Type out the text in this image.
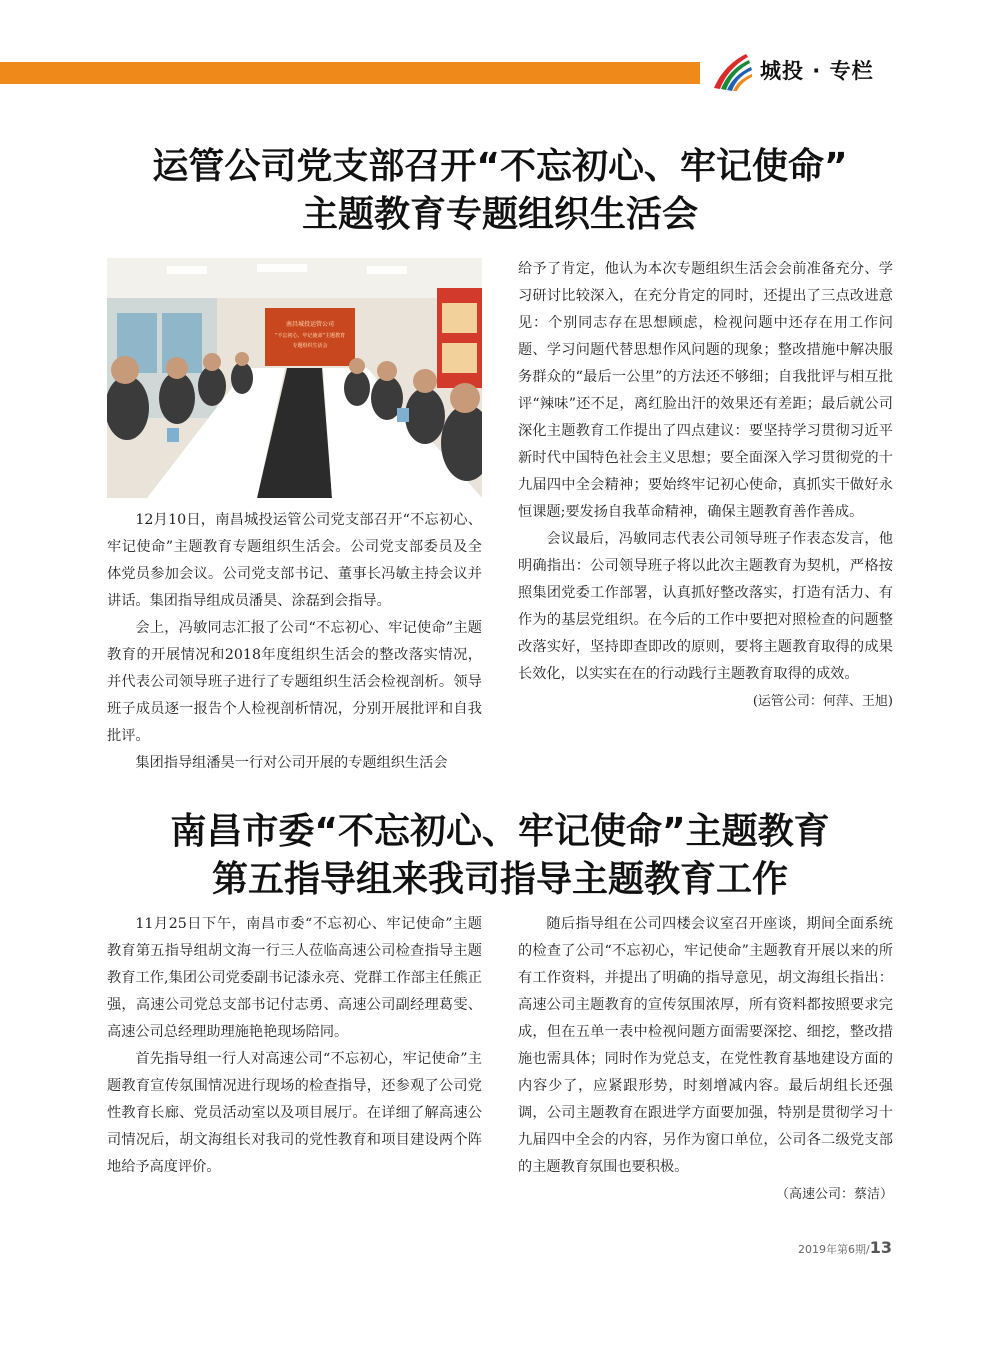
城投 · 专栏
运管公司党支部召开“不忘初心、牢记使命”
主题教育专题组织生活会
南昌城投运管公司
“不忘初心、牢记使命”主题教育
专题组织生活会

12月10日，南昌城投运管公司党支部召开“不忘初心、牢记使命”主题教育专题组织生活会。公司党支部委员及全体党员参加会议。公司党支部书记、董事长冯敏主持会议并讲话。集团指导组成员潘昊、涂磊到会指导。

会上，冯敏同志汇报了公司“不忘初心、牢记使命”主题教育的开展情况和2018年度组织生活会的整改落实情况，并代表公司领导班子进行了专题组织生活会检视剖析。领导班子成员逐一报告个人检视剖析情况，分别开展批评和自我批评。

集团指导组潘昊一行对公司开展的专题组织生活会

给予了肯定，他认为本次专题组织生活会会前准备充分、学习研讨比较深入，在充分肯定的同时，还提出了三点改进意见：个别同志存在思想顾虑，检视问题中还存在用工作问题、学习问题代替思想作风问题的现象；整改措施中解决服务群众的“最后一公里”的方法还不够细；自我批评与相互批评“辣味”还不足，离红脸出汗的效果还有差距；最后就公司深化主题教育工作提出了四点建议：要坚持学习贯彻习近平新时代中国特色社会主义思想；要全面深入学习贯彻党的十九届四中全会精神；要始终牢记初心使命，真抓实干做好永恒课题;要发扬自我革命精神，确保主题教育善作善成。

会议最后，冯敏同志代表公司领导班子作表态发言，他明确指出：公司领导班子将以此次主题教育为契机，严格按照集团党委工作部署，认真抓好整改落实，打造有活力、有作为的基层党组织。在今后的工作中要把对照检查的问题整改落实好，坚持即查即改的原则，要将主题教育取得的成果长效化，以实实在在的行动践行主题教育取得的成效。

(运管公司：何萍、王旭)
南昌市委“不忘初心、牢记使命”主题教育
第五指导组来我司指导主题教育工作

11月25日下午，南昌市委“不忘初心、牢记使命”主题教育第五指导组胡文海一行三人莅临高速公司检查指导主题教育工作,集团公司党委副书记漆永亮、党群工作部主任熊正强，高速公司党总支部书记付志勇、高速公司副经理葛雯、高速公司总经理助理施艳艳现场陪同。

首先指导组一行人对高速公司“不忘初心，牢记使命”主题教育宣传氛围情况进行现场的检查指导，还参观了公司党性教育长廊、党员活动室以及项目展厅。在详细了解高速公司情况后，胡文海组长对我司的党性教育和项目建设两个阵地给予高度评价。

随后指导组在公司四楼会议室召开座谈，期间全面系统的检查了公司“不忘初心，牢记使命”主题教育开展以来的所有工作资料，并提出了明确的指导意见，胡文海组长指出：高速公司主题教育的宣传氛围浓厚，所有资料都按照要求完成，但在五单一表中检视问题方面需要深挖、细挖，整改措施也需具体；同时作为党总支，在党性教育基地建设方面的内容少了，应紧跟形势，时刻增减内容。最后胡组长还强调，公司主题教育在跟进学方面要加强，特别是贯彻学习十九届四中全会的内容，另作为窗口单位，公司各二级党支部的主题教育氛围也要积极。

（高速公司：蔡洁）
2019年第6期/13
